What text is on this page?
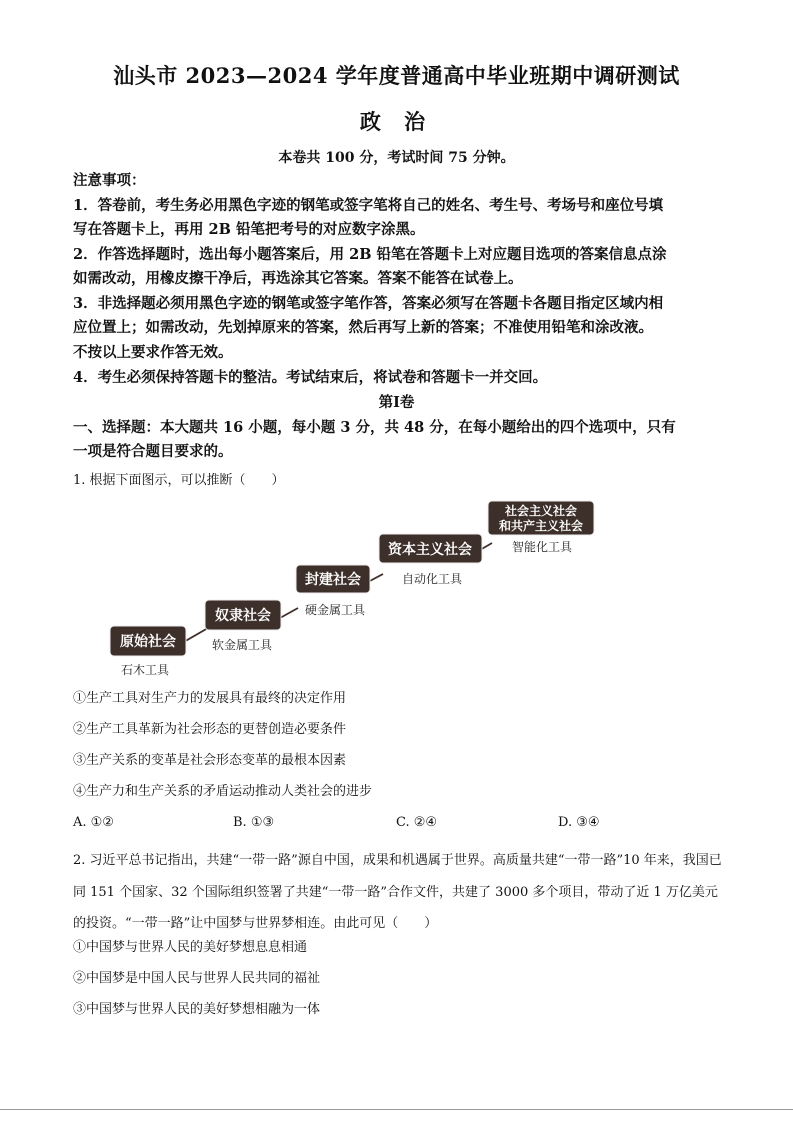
汕头市 2023—2024 学年度普通高中毕业班期中调研测试
政 治
本卷共 100 分，考试时间 75 分钟。
注意事项：
1．答卷前，考生务必用黑色字迹的钢笔或签字笔将自己的姓名、考生号、考场号和座位号填
写在答题卡上，再用 2B 铅笔把考号的对应数字涂黑。
2．作答选择题时，选出每小题答案后，用 2B 铅笔在答题卡上对应题目选项的答案信息点涂
如需改动，用橡皮擦干净后，再选涂其它答案。答案不能答在试卷上。
3．非选择题必须用黑色字迹的钢笔或签字笔作答，答案必须写在答题卡各题目指定区域内相
应位置上；如需改动，先划掉原来的答案，然后再写上新的答案；不准使用铅笔和涂改液。
不按以上要求作答无效。
4．考生必须保持答题卡的整洁。考试结束后，将试卷和答题卡一并交回。
第Ⅰ卷
一、选择题：本大题共 16 小题，每小题 3 分，共 48 分，在每小题给出的四个选项中，只有
一项是符合题目要求的。
1. 根据下面图示，可以推断（　　）
原始社会
石木工具
奴隶社会
软金属工具
封建社会
硬金属工具
资本主义社会
自动化工具
社会主义社会
和共产主义社会
智能化工具
①生产工具对生产力的发展具有最终的决定作用
②生产工具革新为社会形态的更替创造必要条件
③生产关系的变革是社会形态变革的最根本因素
④生产力和生产关系的矛盾运动推动人类社会的进步
A. ①②	B. ①③	C. ②④	D. ③④
2. 习近平总书记指出，共建“一带一路”源自中国，成果和机遇属于世界。高质量共建“一带一路”10 年来，我国已同 151 个国家、32 个国际组织签署了共建“一带一路”合作文件，共建了 3000 多个项目，带动了近 1 万亿美元的投资。“一带一路”让中国梦与世界梦相连。由此可见（　　）
①中国梦与世界人民的美好梦想息息相通
②中国梦是中国人民与世界人民共同的福祉
③中国梦与世界人民的美好梦想相融为一体
